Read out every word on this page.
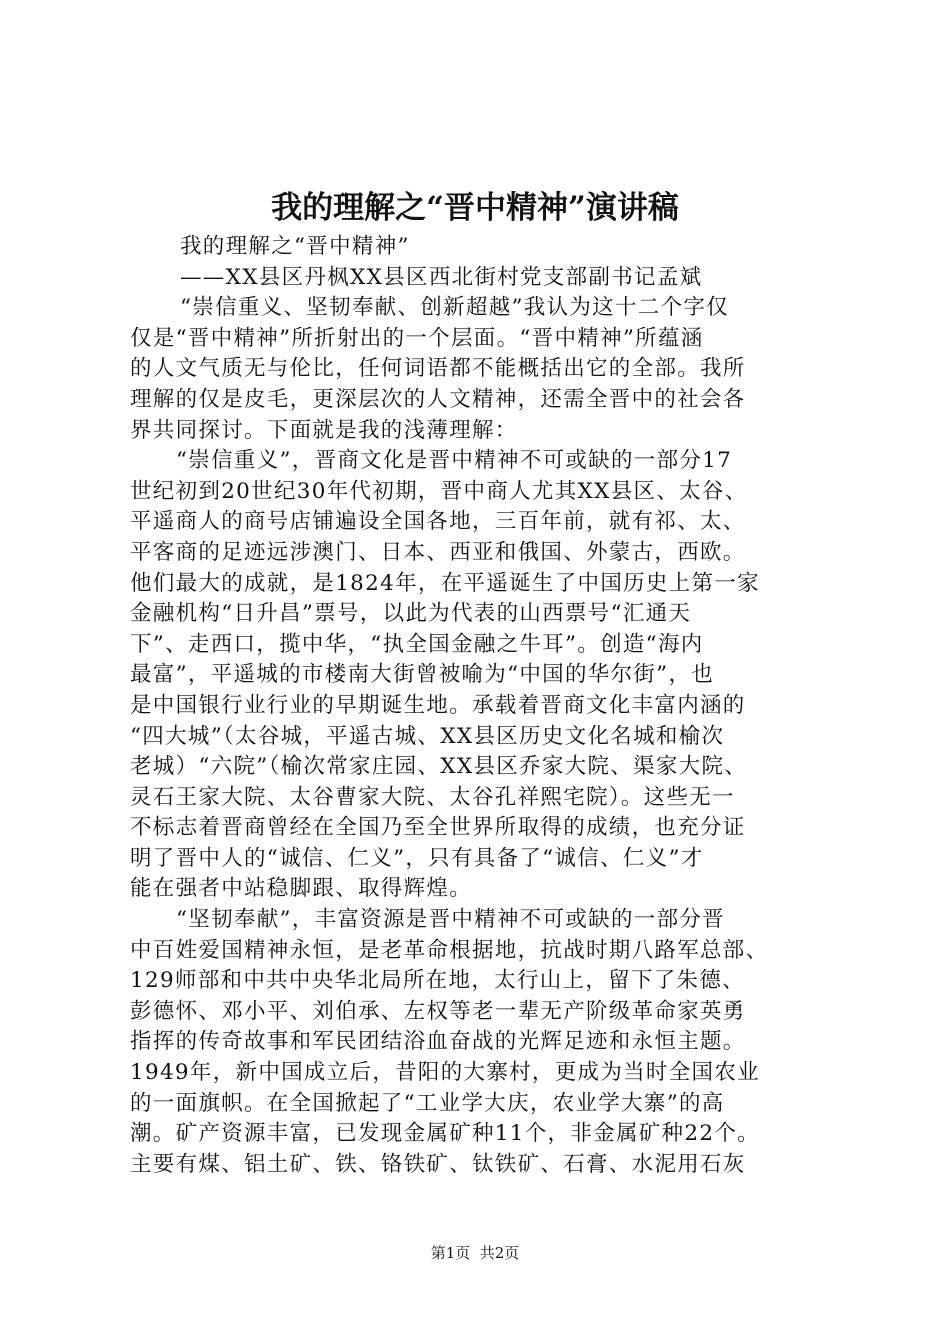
我的理解之“晋中精神”演讲稿
我的理解之“晋中精神”
——XX县区丹枫XX县区西北街村党支部副书记孟斌
“崇信重义、坚韧奉献、创新超越”我认为这十二个字仅
仅是“晋中精神”所折射出的一个层面。“晋中精神”所蕴涵
的人文气质无与伦比，任何词语都不能概括出它的全部。我所
理解的仅是皮毛，更深层次的人文精神，还需全晋中的社会各
界共同探讨。下面就是我的浅薄理解：
“崇信重义”，晋商文化是晋中精神不可或缺的一部分17
世纪初到20世纪30年代初期，晋中商人尤其XX县区、太谷、
平遥商人的商号店铺遍设全国各地，三百年前，就有祁、太、
平客商的足迹远涉澳门、日本、西亚和俄国、外蒙古，西欧。
他们最大的成就，是1824年，在平遥诞生了中国历史上第一家
金融机构“日升昌”票号，以此为代表的山西票号“汇通天
下”、走西口，揽中华，“执全国金融之牛耳”。创造“海内
最富”，平遥城的市楼南大街曾被喻为“中国的华尔街”，也
是中国银行业行业的早期诞生地。承载着晋商文化丰富内涵的
“四大城”（太谷城，平遥古城、XX县区历史文化名城和榆次
老城）“六院”（榆次常家庄园、XX县区乔家大院、渠家大院、
灵石王家大院、太谷曹家大院、太谷孔祥熙宅院）。这些无一
不标志着晋商曾经在全国乃至全世界所取得的成绩，也充分证
明了晋中人的“诚信、仁义”，只有具备了“诚信、仁义”才
能在强者中站稳脚跟、取得辉煌。
“坚韧奉献”，丰富资源是晋中精神不可或缺的一部分晋
中百姓爱国精神永恒，是老革命根据地，抗战时期八路军总部、
129师部和中共中央华北局所在地，太行山上，留下了朱德、
彭德怀、邓小平、刘伯承、左权等老一辈无产阶级革命家英勇
指挥的传奇故事和军民团结浴血奋战的光辉足迹和永恒主题。
1949年，新中国成立后，昔阳的大寨村，更成为当时全国农业
的一面旗帜。在全国掀起了“工业学大庆，农业学大寨”的高
潮。矿产资源丰富，已发现金属矿种11个，非金属矿种22个。
主要有煤、铝土矿、铁、铬铁矿、钛铁矿、石膏、水泥用石灰
第1页  共2页
